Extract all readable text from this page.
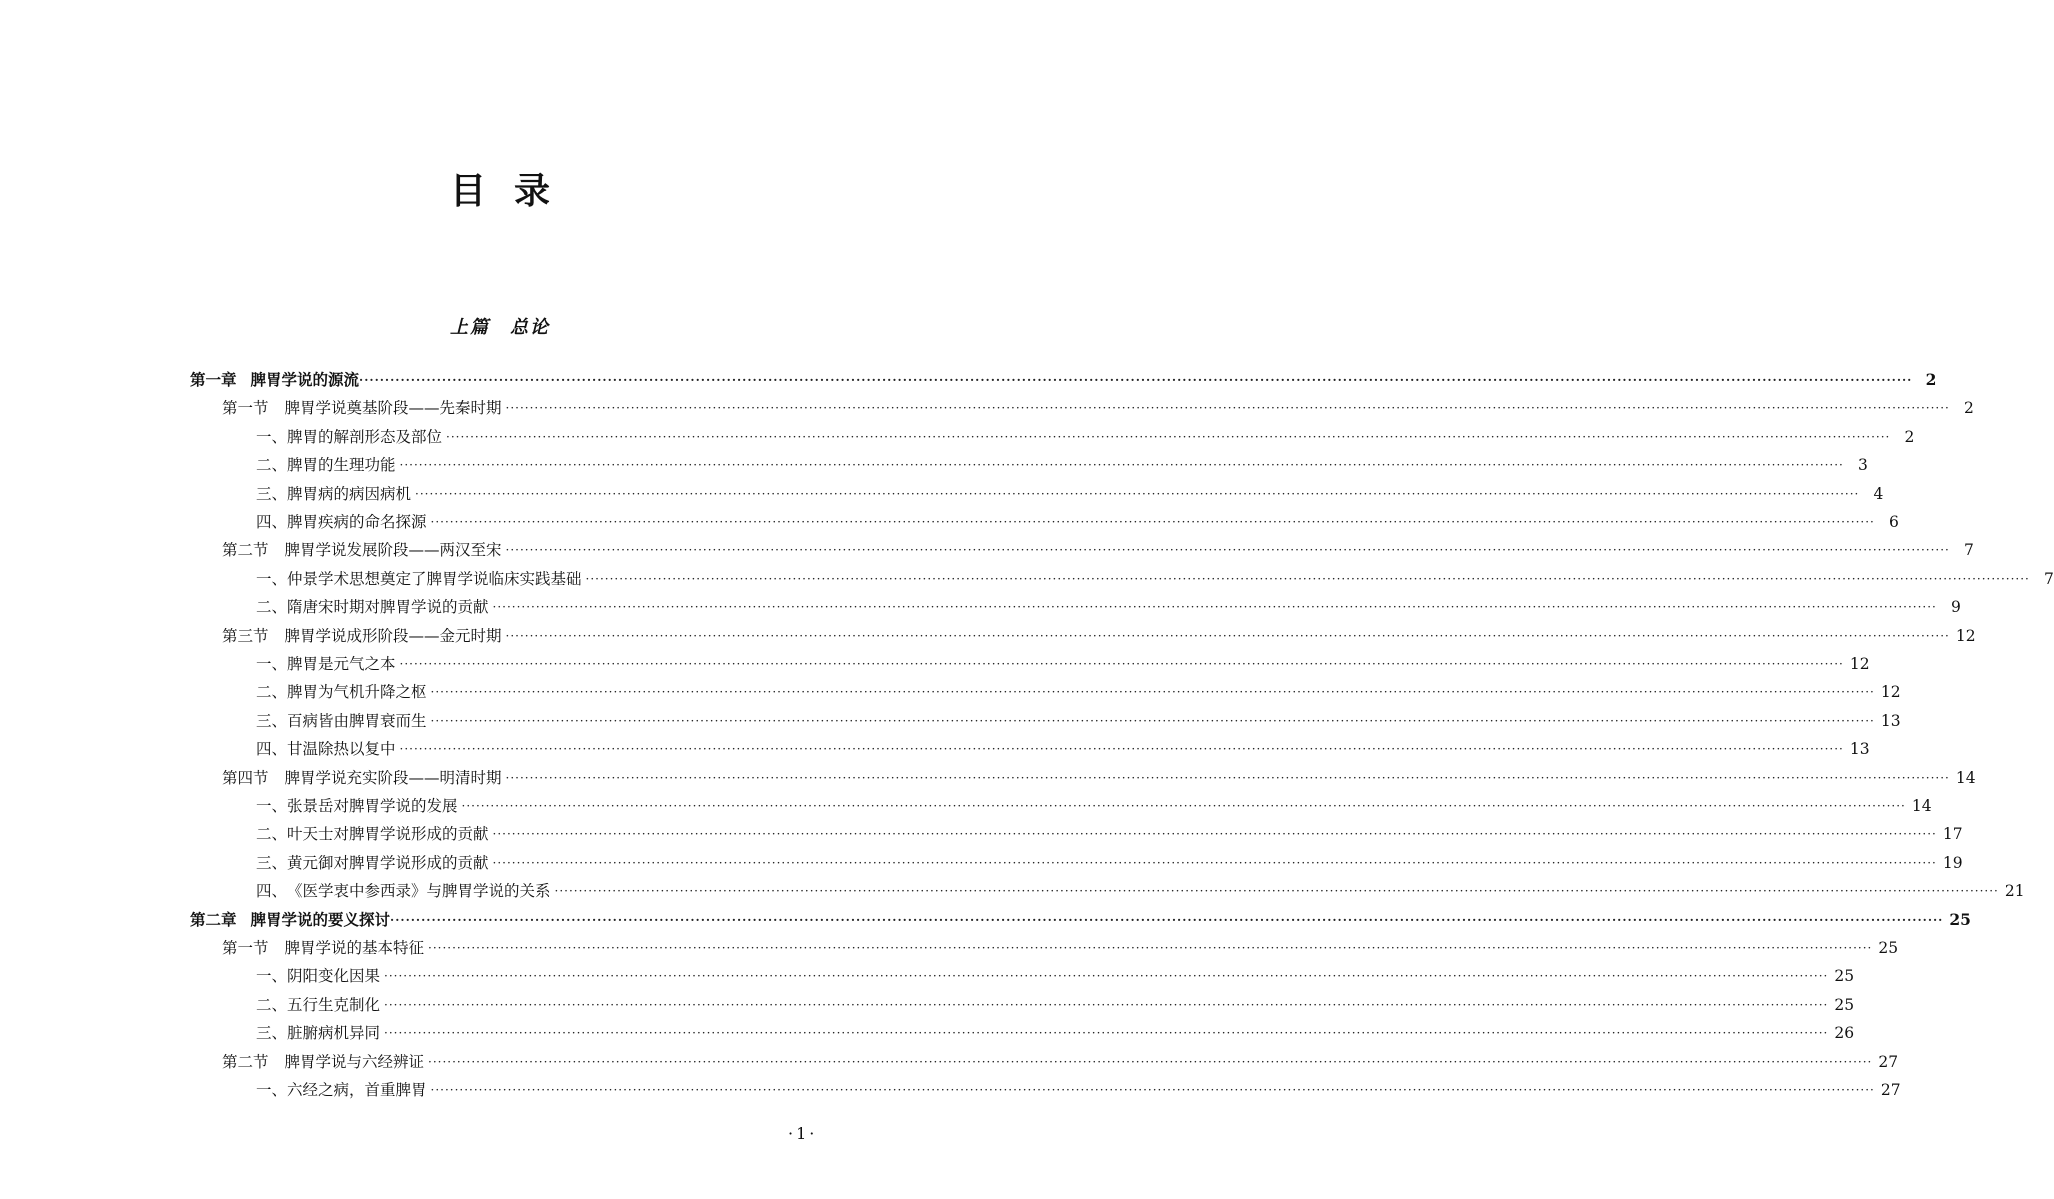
目录
上篇　总论
第一章 脾胃学说的源流 ············································································································································································································································································································ 2
第一节 脾胃学说奠基阶段——先秦时期 ············································································································································································································································································································ 2
一、 脾胃的解剖形态及部位 ············································································································································································································································································································ 2
二、 脾胃的生理功能 ············································································································································································································································································································ 3
三、 脾胃病的病因病机 ············································································································································································································································································································ 4
四、 脾胃疾病的命名探源 ············································································································································································································································································································ 6
第二节 脾胃学说发展阶段——两汉至宋 ············································································································································································································································································································ 7
一、 仲景学术思想奠定了脾胃学说临床实践基础 ············································································································································································································································································································ 7
二、 隋唐宋时期对脾胃学说的贡献 ············································································································································································································································································································ 9
第三节 脾胃学说成形阶段——金元时期 ············································································································································································································································································································ 12
一、 脾胃是元气之本 ············································································································································································································································································································ 12
二、 脾胃为气机升降之枢 ············································································································································································································································································································ 12
三、 百病皆由脾胃衰而生 ············································································································································································································································································································ 13
四、 甘温除热以复中 ············································································································································································································································································································ 13
第四节 脾胃学说充实阶段——明清时期 ············································································································································································································································································································ 14
一、 张景岳对脾胃学说的发展 ············································································································································································································································································································ 14
二、 叶天士对脾胃学说形成的贡献 ············································································································································································································································································································ 17
三、 黄元御对脾胃学说形成的贡献 ············································································································································································································································································································ 19
四、 《医学衷中参西录》与脾胃学说的关系 ············································································································································································································································································································ 21
第二章 脾胃学说的要义探讨 ············································································································································································································································································································ 25
第一节 脾胃学说的基本特征 ············································································································································································································································································································ 25
一、 阴阳变化因果 ············································································································································································································································································································ 25
二、 五行生克制化 ············································································································································································································································································································ 25
三、 脏腑病机异同 ············································································································································································································································································································ 26
第二节 脾胃学说与六经辨证 ············································································································································································································································································································ 27
一、 六经之病，首重脾胃 ············································································································································································································································································································ 27
·1·
